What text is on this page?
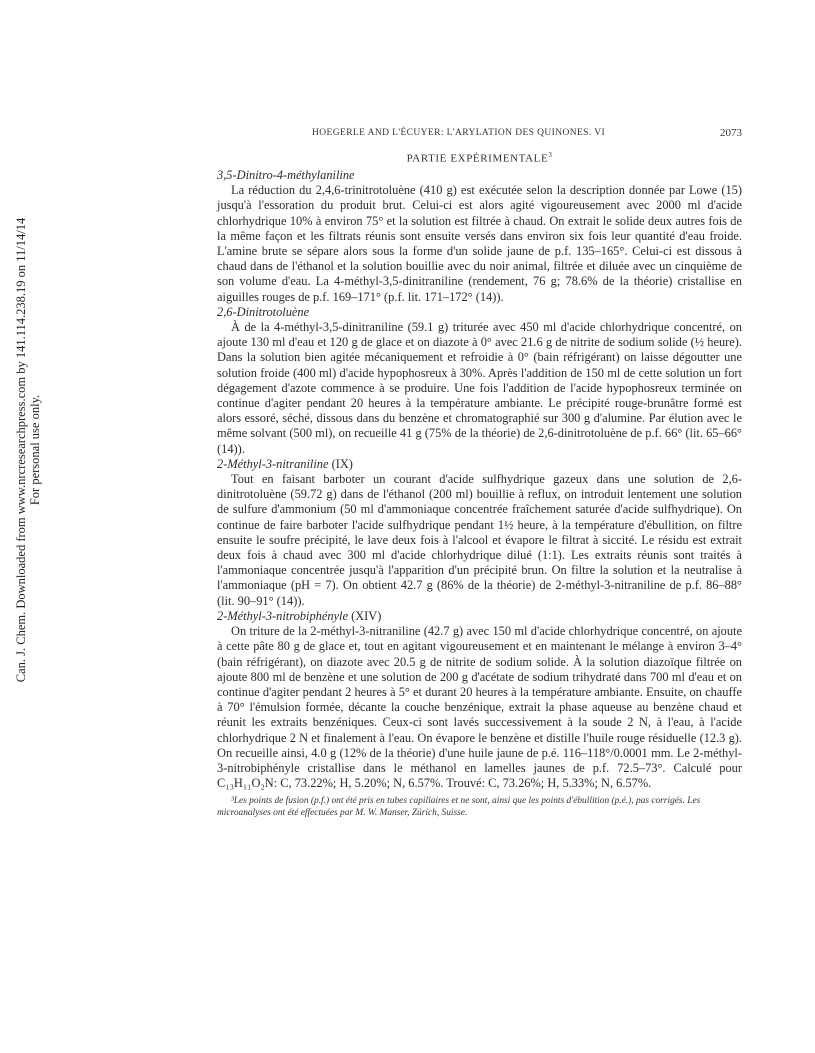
Can. J. Chem. Downloaded from www.nrcresearchpress.com by 141.114.238.19 on 11/14/14 For personal use only.
HOEGERLE AND L'ÉCUYER: L'ARYLATION DES QUINONES. VI	2073
PARTIE EXPÉRIMENTALE$^3$

3,5-Dinitro-4-méthylaniline

La réduction du 2,4,6-trinitrotoluène (410 g) est exécutée selon la description donnée par Lowe (15) jusqu'à l'essoration du produit brut. Celui-ci est alors agité vigoureusement avec 2000 ml d'acide chlorhydrique 10% à environ 75° et la solution est filtrée à chaud. On extrait le solide deux autres fois de la même façon et les filtrats réunis sont ensuite versés dans environ six fois leur quantité d'eau froide. L'amine brute se sépare alors sous la forme d'un solide jaune de p.f. 135–165°. Celui-ci est dissous à chaud dans de l'éthanol et la solution bouillie avec du noir animal, filtrée et diluée avec un cinquième de son volume d'eau. La 4-méthyl-3,5-dinitraniline (rendement, 76 g; 78.6% de la théorie) cristallise en aiguilles rouges de p.f. 169–171° (p.f. lit. 171–172° (14)).

2,6-Dinitrotoluène

À de la 4-méthyl-3,5-dinitraniline (59.1 g) triturée avec 450 ml d'acide chlorhydrique concentré, on ajoute 130 ml d'eau et 120 g de glace et on diazote à 0° avec 21.6 g de nitrite de sodium solide (½ heure). Dans la solution bien agitée mécaniquement et refroidie à 0° (bain réfrigérant) on laisse dégoutter une solution froide (400 ml) d'acide hypophosreux à 30%. Après l'addition de 150 ml de cette solution un fort dégagement d'azote commence à se produire. Une fois l'addition de l'acide hypophosreux terminée on continue d'agiter pendant 20 heures à la température ambiante. Le précipité rouge-brunâtre formé est alors essoré, séché, dissous dans du benzène et chromatographié sur 300 g d'alumine. Par élution avec le même solvant (500 ml), on recueille 41 g (75% de la théorie) de 2,6-dinitrotoluène de p.f. 66° (lit. 65–66° (14)).

2-Méthyl-3-nitraniline (IX)

Tout en faisant barboter un courant d'acide sulfhydrique gazeux dans une solution de 2,6-dinitrotoluène (59.72 g) dans de l'éthanol (200 ml) bouillie à reflux, on introduit lentement une solution de sulfure d'ammonium (50 ml d'ammoniaque concentrée fraîchement saturée d'acide sulfhydrique). On continue de faire barboter l'acide sulfhydrique pendant 1½ heure, à la température d'ébullition, on filtre ensuite le soufre précipité, le lave deux fois à l'alcool et évapore le filtrat à siccité. Le résidu est extrait deux fois à chaud avec 300 ml d'acide chlorhydrique dilué (1:1). Les extraits réunis sont traités à l'ammoniaque concentrée jusqu'à l'apparition d'un précipité brun. On filtre la solution et la neutralise à l'ammoniaque (pH = 7). On obtient 42.7 g (86% de la théorie) de 2-méthyl-3-nitraniline de p.f. 86–88° (lit. 90–91° (14)).

2-Méthyl-3-nitrobiphényle (XIV)

On triture de la 2-méthyl-3-nitraniline (42.7 g) avec 150 ml d'acide chlorhydrique concentré, on ajoute à cette pâte 80 g de glace et, tout en agitant vigoureusement et en maintenant le mélange à environ 3–4° (bain réfrigérant), on diazote avec 20.5 g de nitrite de sodium solide. À la solution diazoïque filtrée on ajoute 800 ml de benzène et une solution de 200 g d'acétate de sodium trihydraté dans 700 ml d'eau et on continue d'agiter pendant 2 heures à 5° et durant 20 heures à la température ambiante. Ensuite, on chauffe à 70° l'émulsion formée, décante la couche benzénique, extrait la phase aqueuse au benzène chaud et réunit les extraits benzéniques. Ceux-ci sont lavés successivement à la soude 2 N, à l'eau, à l'acide chlorhydrique 2 N et finalement à l'eau. On évapore le benzène et distille l'huile rouge résiduelle (12.3 g). On recueille ainsi, 4.0 g (12% de la théorie) d'une huile jaune de p.é. 116–118°/0.0001 mm. Le 2-méthyl-3-nitrobiphényle cristallise dans le méthanol en lamelles jaunes de p.f. 72.5–73°. Calculé pour C₁₃H₁₁O₂N: C, 73.22%; H, 5.20%; N, 6.57%. Trouvé: C, 73.26%; H, 5.33%; N, 6.57%.

³Les points de fusion (p.f.) ont été pris en tubes capillaires et ne sont, ainsi que les points d'ébullition (p.é.), pas corrigés. Les microanalyses ont été effectuées par M. W. Manser, Zürich, Suisse.
